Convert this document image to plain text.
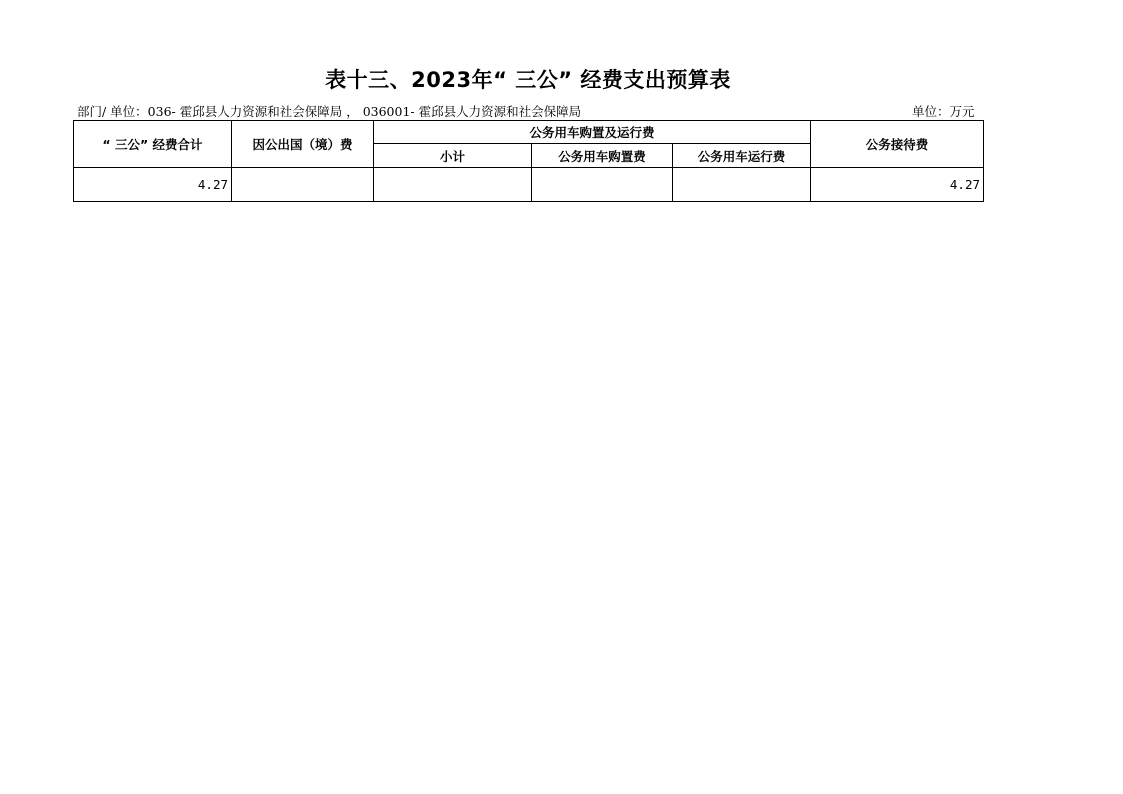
表十三、2023年“ 三公” 经费支出预算表
部门/ 单位：036- 霍邱县人力资源和社会保障局 ， 036001- 霍邱县人力资源和社会保障局	单位：万元
“ 三公” 经费合计	因公出国（境）费	公务用车购置及运行费			公务接待费
		小计	公务用车购置费	公务用车运行费	
4.27					4.27
